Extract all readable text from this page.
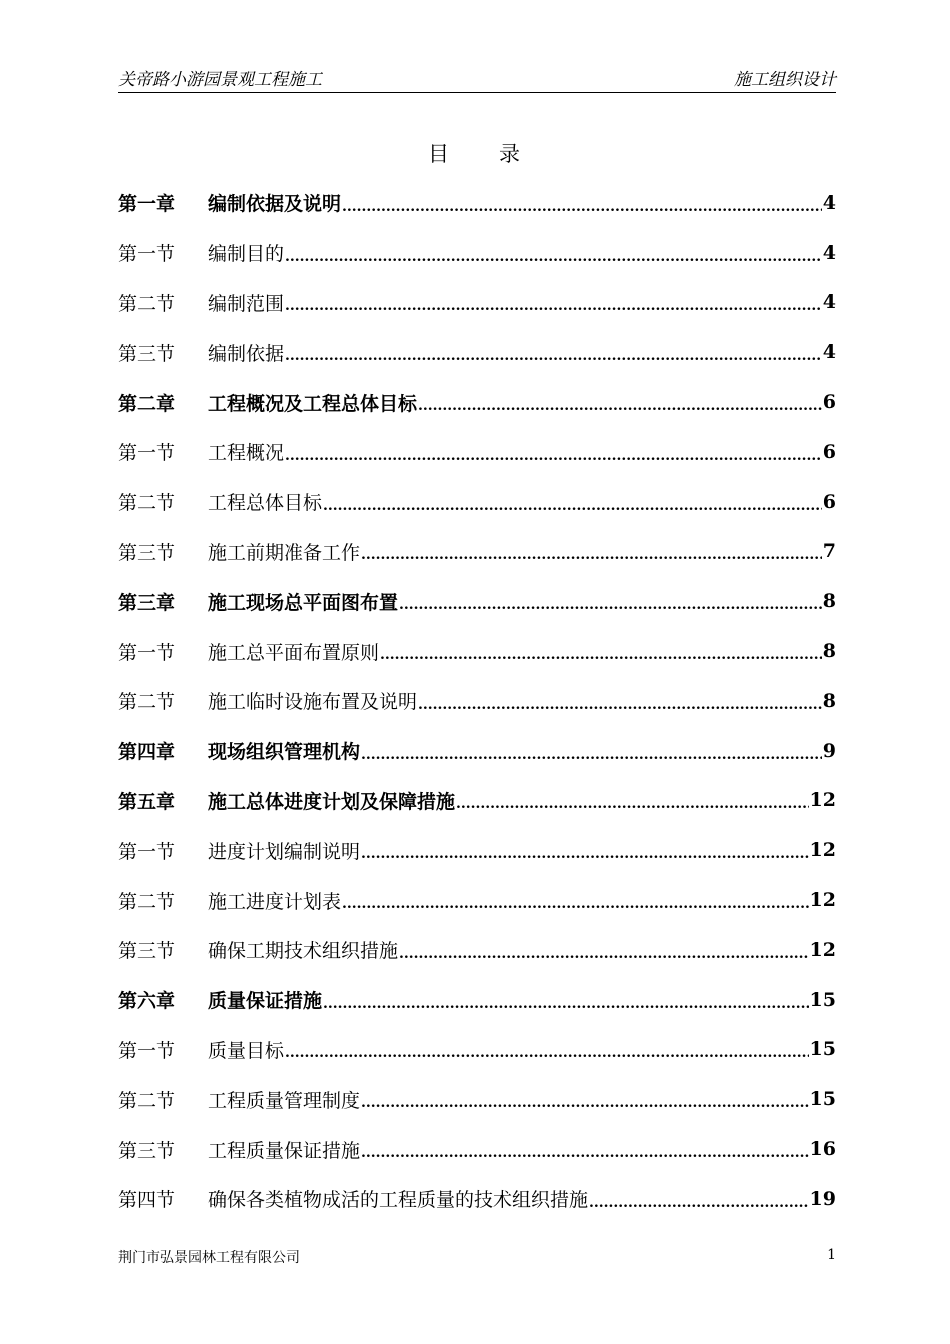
关帝路小游园景观工程施工	施工组织设计
目 录
第一章	编制依据及说明 .....	4
第一节	编制目的 .....	4
第二节	编制范围 .....	4
第三节	编制依据 .....	4
第二章	工程概况及工程总体目标 .....	6
第一节	工程概况 .....	6
第二节	工程总体目标 .....	6
第三节	施工前期准备工作 .....	7
第三章	施工现场总平面图布置 .....	8
第一节	施工总平面布置原则 .....	8
第二节	施工临时设施布置及说明 .....	8
第四章	现场组织管理机构 .....	9
第五章	施工总体进度计划及保障措施 .....	12
第一节	进度计划编制说明 .....	12
第二节	施工进度计划表 .....	12
第三节	确保工期技术组织措施 .....	12
第六章	质量保证措施 .....	15
第一节	质量目标 .....	15
第二节	工程质量管理制度 .....	15
第三节	工程质量保证措施 .....	16
第四节	确保各类植物成活的工程质量的技术组织措施 .....	19
荆门市弘景园林工程有限公司	1
